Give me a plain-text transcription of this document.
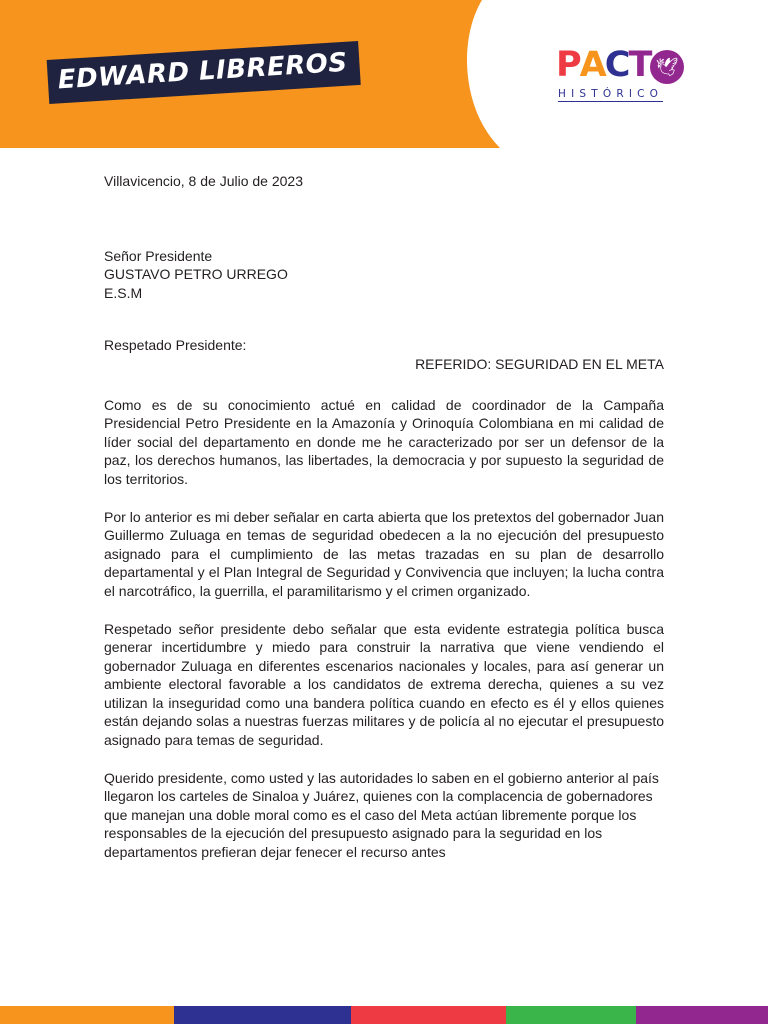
EDWARD LIBREROS	PACT 🕊
HISTÓRICO
Villavicencio, 8 de Julio de 2023
Señor Presidente
GUSTAVO PETRO URREGO
E.S.M
Respetado Presidente:
REFERIDO: SEGURIDAD EN EL META

Como es de su conocimiento actué en calidad de coordinador de la Campaña Presidencial Petro Presidente en la Amazonía y Orinoquía Colombiana en mi calidad de líder social del departamento en donde me he caracterizado por ser un defensor de la paz, los derechos humanos, las libertades, la democracia y por supuesto la seguridad de los territorios.

Por lo anterior es mi deber señalar en carta abierta que los pretextos del gobernador Juan Guillermo Zuluaga en temas de seguridad obedecen a la no ejecución del presupuesto asignado para el cumplimiento de las metas trazadas en su plan de desarrollo departamental y el Plan Integral de Seguridad y Convivencia que incluyen; la lucha contra el narcotráfico, la guerrilla, el paramilitarismo y el crimen organizado.

Respetado señor presidente debo señalar que esta evidente estrategia política busca generar incertidumbre y miedo para construir la narrativa que viene vendiendo el gobernador Zuluaga en diferentes escenarios nacionales y locales, para así generar un ambiente electoral favorable a los candidatos de extrema derecha, quienes a su vez utilizan la inseguridad como una bandera política cuando en efecto es él y ellos quienes están dejando solas a nuestras fuerzas militares y de policía al no ejecutar el presupuesto asignado para temas de seguridad.

Querido presidente, como usted y las autoridades lo saben en el gobierno anterior al país llegaron los carteles de Sinaloa y Juárez, quienes con la complacencia de gobernadores que manejan una doble moral como es el caso del Meta actúan libremente porque los responsables de la ejecución del presupuesto asignado para la seguridad en los departamentos prefieran dejar fenecer el recurso antes
